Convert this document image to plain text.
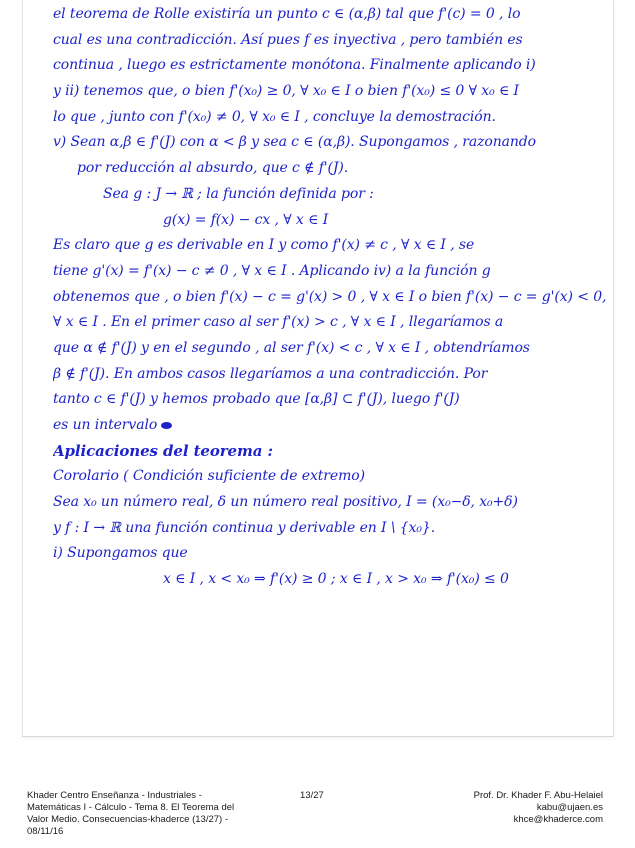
el teorema de Rolle existiría un punto c ∈ (α,β) tal que f'(c) = 0 , lo
cual es una contradicción. Así pues f es inyectiva , pero también es
continua , luego es estrictamente monótona. Finalmente aplicando i)
y ii) tenemos que, o bien f'(x₀) ≥ 0, ∀ x₀ ∈ I o bien f'(x₀) ≤ 0 ∀ x₀ ∈ I
lo que , junto con f'(x₀) ≠ 0, ∀ x₀ ∈ I , concluye la demostración.
v) Sean α,β ∈ f'(J) con α < β y sea c ∈ (α,β). Supongamos , razonando
por reducción al absurdo, que c ∉ f'(J).
Sea g : J → ℝ ; la función definida por :
g(x) = f(x) − cx , ∀ x ∈ I
Es claro que g es derivable en I y como f'(x) ≠ c , ∀ x ∈ I , se
tiene g'(x) = f'(x) − c ≠ 0 , ∀ x ∈ I . Aplicando iv) a la función g
obtenemos que , o bien f'(x) − c = g'(x) > 0 , ∀ x ∈ I o bien f'(x) − c = g'(x) < 0,
∀ x ∈ I . En el primer caso al ser f'(x) > c , ∀ x ∈ I , llegaríamos a
que α ∉ f'(J) y en el segundo , al ser f'(x) < c , ∀ x ∈ I , obtendríamos
β ∉ f'(J). En ambos casos llegaríamos a una contradicción. Por
tanto c ∈ f'(J) y hemos probado que [α,β] ⊂ f'(J), luego f'(J)
es un intervalo
Aplicaciones del teorema :
Corolario ( Condición suficiente de extremo)
Sea x₀ un número real, δ un número real positivo, I = (x₀−δ, x₀+δ)
y f : I → ℝ una función continua y derivable en I \ {x₀}.
i) Supongamos que
x ∈ I , x < x₀ ⇒ f'(x) ≥ 0 ; x ∈ I , x > x₀ ⇒ f'(x₀) ≤ 0
Khader Centro Enseñanza - Industriales - Matemáticas I - Cálculo - Tema 8. El Teorema del Valor Medio. Consecuencias-khaderce (13/27) - 08/11/16
13/27	Prof. Dr. Khader F. Abu-Helaiel
kabu@ujaen.es
khce@khaderce.com
